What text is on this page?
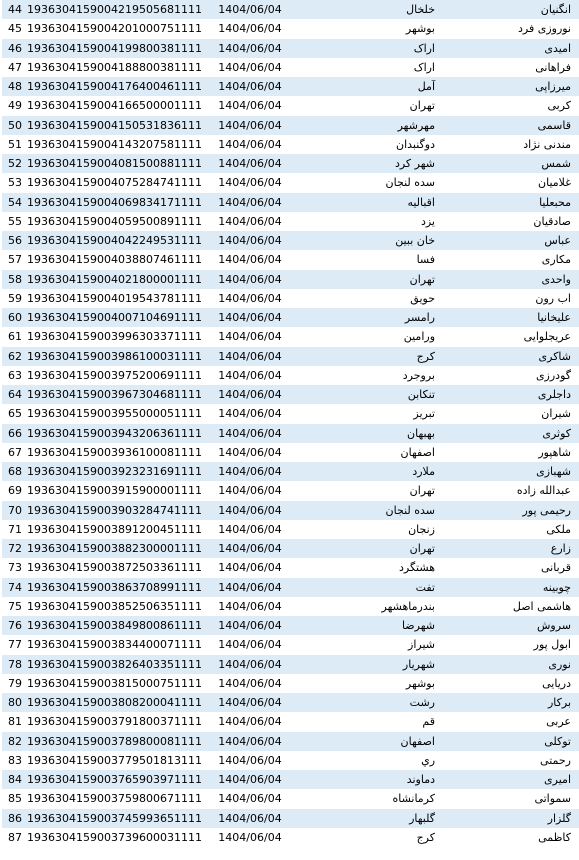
44	1936304159004219505681111	1404/06/04	خلخال	انگنیان
45	1936304159004201000751111	1404/06/04	بوشهر	نوروزی فرد
46	1936304159004199800381111	1404/06/04	اراک	امیدی
47	1936304159004188800381111	1404/06/04	اراک	فراهانی
48	1936304159004176400461111	1404/06/04	آمل	میرزاپی
49	1936304159004166500001111	1404/06/04	تهران	کربی
50	1936304159004150531836111	1404/06/04	مهرشهر	قاسمی
51	1936304159004143207581111	1404/06/04	دوگنبدان	مندنی نژاد
52	1936304159004081500881111	1404/06/04	شهر کرد	شمس
53	1936304159004075284741111	1404/06/04	سده لنجان	غلامیان
54	1936304159004069834171111	1404/06/04	اقبالیه	محبعلیا
55	1936304159004059500891111	1404/06/04	یزد	صادقیان
56	1936304159004042249531111	1404/06/04	خان ببین	عباس
57	1936304159004038807461111	1404/06/04	فسا	مکاری
58	1936304159004021800001111	1404/06/04	تهران	واحدی
59	1936304159004019543781111	1404/06/04	حویق	اب رون
60	1936304159004007104691111	1404/06/04	رامسر	علیخانیا
61	1936304159003996303371111	1404/06/04	ورامین	عریجلوایی
62	1936304159003986100031111	1404/06/04	کرج	شاکری
63	1936304159003975200691111	1404/06/04	بروجرد	گودرزی
64	1936304159003967304681111	1404/06/04	تنکابن	داجلری
65	1936304159003955000051111	1404/06/04	تبریز	شیران
66	1936304159003943206361111	1404/06/04	بهبهان	کوثری
67	1936304159003936100081111	1404/06/04	اصفهان	شاهپور
68	1936304159003923231691111	1404/06/04	ملارد	شهبازی
69	1936304159003915900001111	1404/06/04	تهران	عبدالله زاده
70	1936304159003903284741111	1404/06/04	سده لنجان	رحیمی پور
71	1936304159003891200451111	1404/06/04	زنجان	ملکی
72	1936304159003882300001111	1404/06/04	تهران	زارع
73	1936304159003872503361111	1404/06/04	هشتگرد	قربانی
74	1936304159003863708991111	1404/06/04	تفت	چوبینه
75	1936304159003852506351111	1404/06/04	بندرماهشهر	هاشمی اصل
76	1936304159003849800861111	1404/06/04	شهرضا	سروش
77	1936304159003834400071111	1404/06/04	شیراز	ابول پور
78	1936304159003826403351111	1404/06/04	شهریار	نوری
79	1936304159003815000751111	1404/06/04	بوشهر	دریایی
80	1936304159003808200041111	1404/06/04	رشت	برکار
81	1936304159003791800371111	1404/06/04	قم	عربی
82	1936304159003789800081111	1404/06/04	اصفهان	توکلی
83	1936304159003779501813111	1404/06/04	ري	رحمتی
84	1936304159003765903971111	1404/06/04	دماوند	امیری
85	1936304159003759800671111	1404/06/04	کرمانشاه	سمواتی
86	1936304159003745993651111	1404/06/04	گلبهار	گلزار
87	1936304159003739600031111	1404/06/04	کرج	کاظمی
